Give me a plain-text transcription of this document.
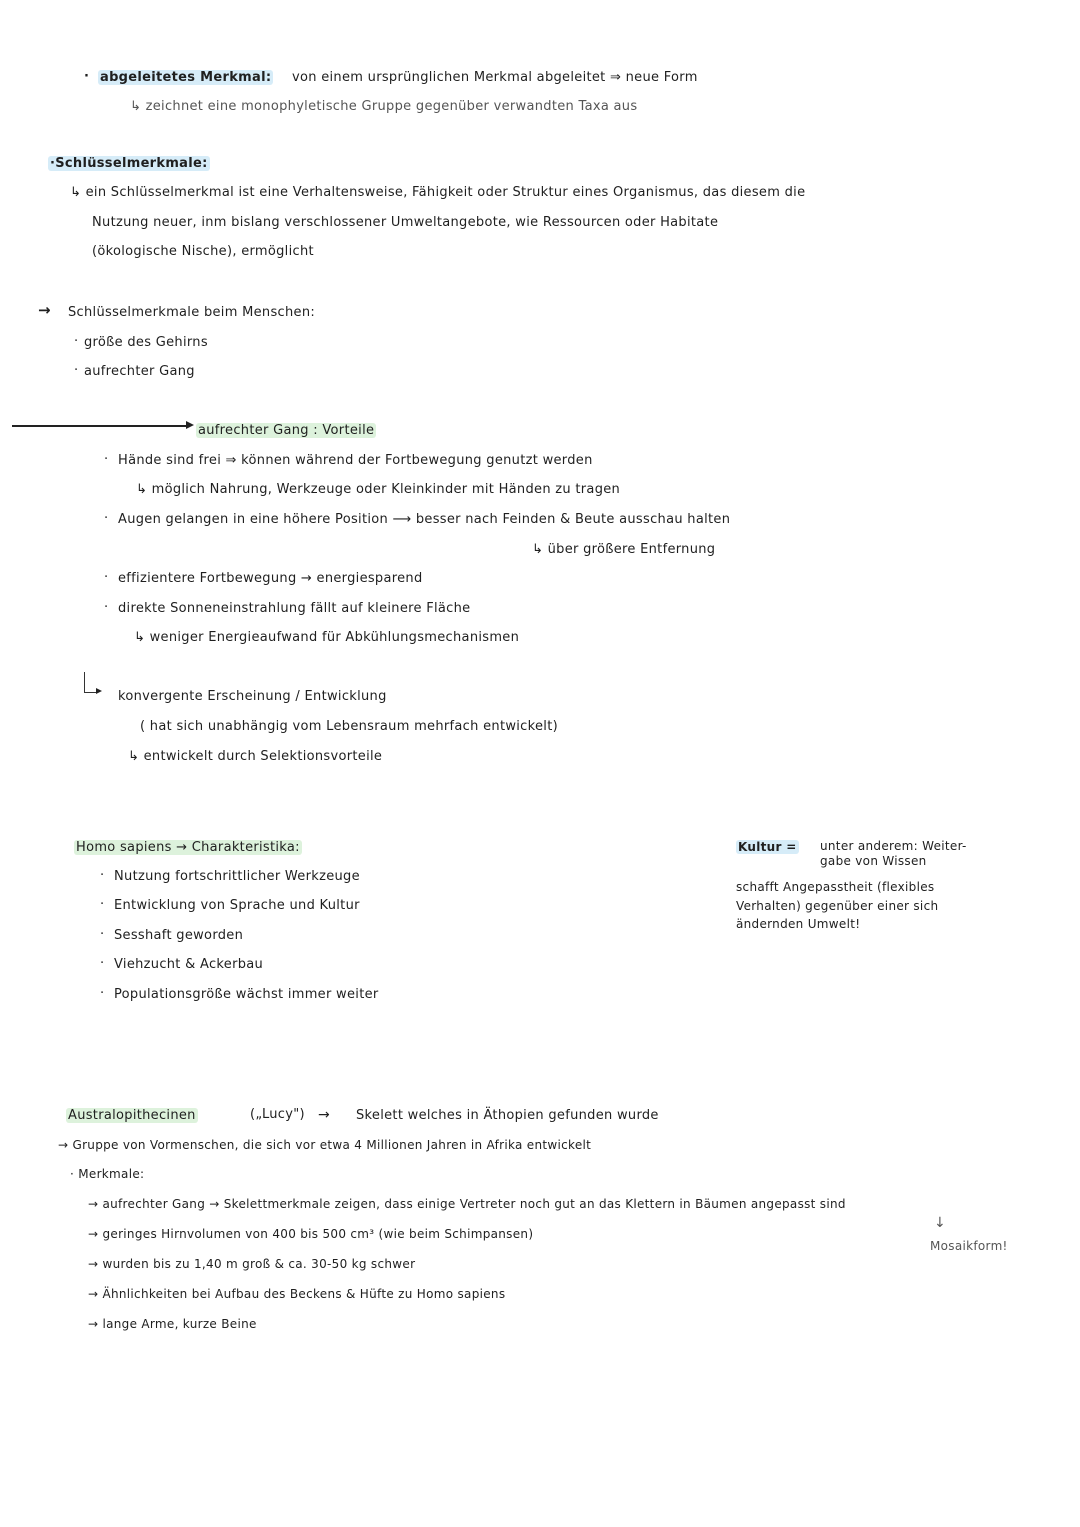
· abgeleitetes Merkmal: von einem ursprünglichen Merkmal abgeleitet ⇒ neue Form
↳ zeichnet eine monophyletische Gruppe gegenüber verwandten Taxa aus
·Schlüsselmerkmale:
↳ ein Schlüsselmerkmal ist eine Verhaltensweise, Fähigkeit oder Struktur eines Organismus, das diesem die
Nutzung neuer, inm bislang verschlossener Umweltangebote, wie Ressourcen oder Habitate
(ökologische Nische), ermöglicht
→ Schlüsselmerkmale beim Menschen:
· größe des Gehirns
· aufrechter Gang
aufrechter Gang : Vorteile
· Hände sind frei ⇒ können während der Fortbewegung genutzt werden
↳ möglich Nahrung, Werkzeuge oder Kleinkinder mit Händen zu tragen
· Augen gelangen in eine höhere Position ⟶ besser nach Feinden & Beute ausschau halten
↳ über größere Entfernung
· effizientere Fortbewegung → energiesparend
· direkte Sonneneinstrahlung fällt auf kleinere Fläche
↳ weniger Energieaufwand für Abkühlungsmechanismen
konvergente Erscheinung / Entwicklung
( hat sich unabhängig vom Lebensraum mehrfach entwickelt)
↳ entwickelt durch Selektionsvorteile
Homo sapiens → Charakteristika:
· Nutzung fortschrittlicher Werkzeuge
· Entwicklung von Sprache und Kultur
· Sesshaft geworden
· Viehzucht & Ackerbau
· Populationsgröße wächst immer weiter
Kultur = unter anderem: Weiter-
gabe von Wissen
schafft Angepasstheit (flexibles
Verhalten) gegenüber einer sich
ändernden Umwelt!
Australopithecinen	(„Lucy") → Skelett welches in Äthopien gefunden wurde
→ Gruppe von Vormenschen, die sich vor etwa 4 Millionen Jahren in Afrika entwickelt
· Merkmale:
→ aufrechter Gang → Skelettmerkmale zeigen, dass einige Vertreter noch gut an das Klettern in Bäumen angepasst sind
→ geringes Hirnvolumen von 400 bis 500 cm³ (wie beim Schimpansen)
→ wurden bis zu 1,40 m groß & ca. 30-50 kg schwer
→ Ähnlichkeiten bei Aufbau des Beckens & Hüfte zu Homo sapiens
→ lange Arme, kurze Beine
↓
Mosaikform!
